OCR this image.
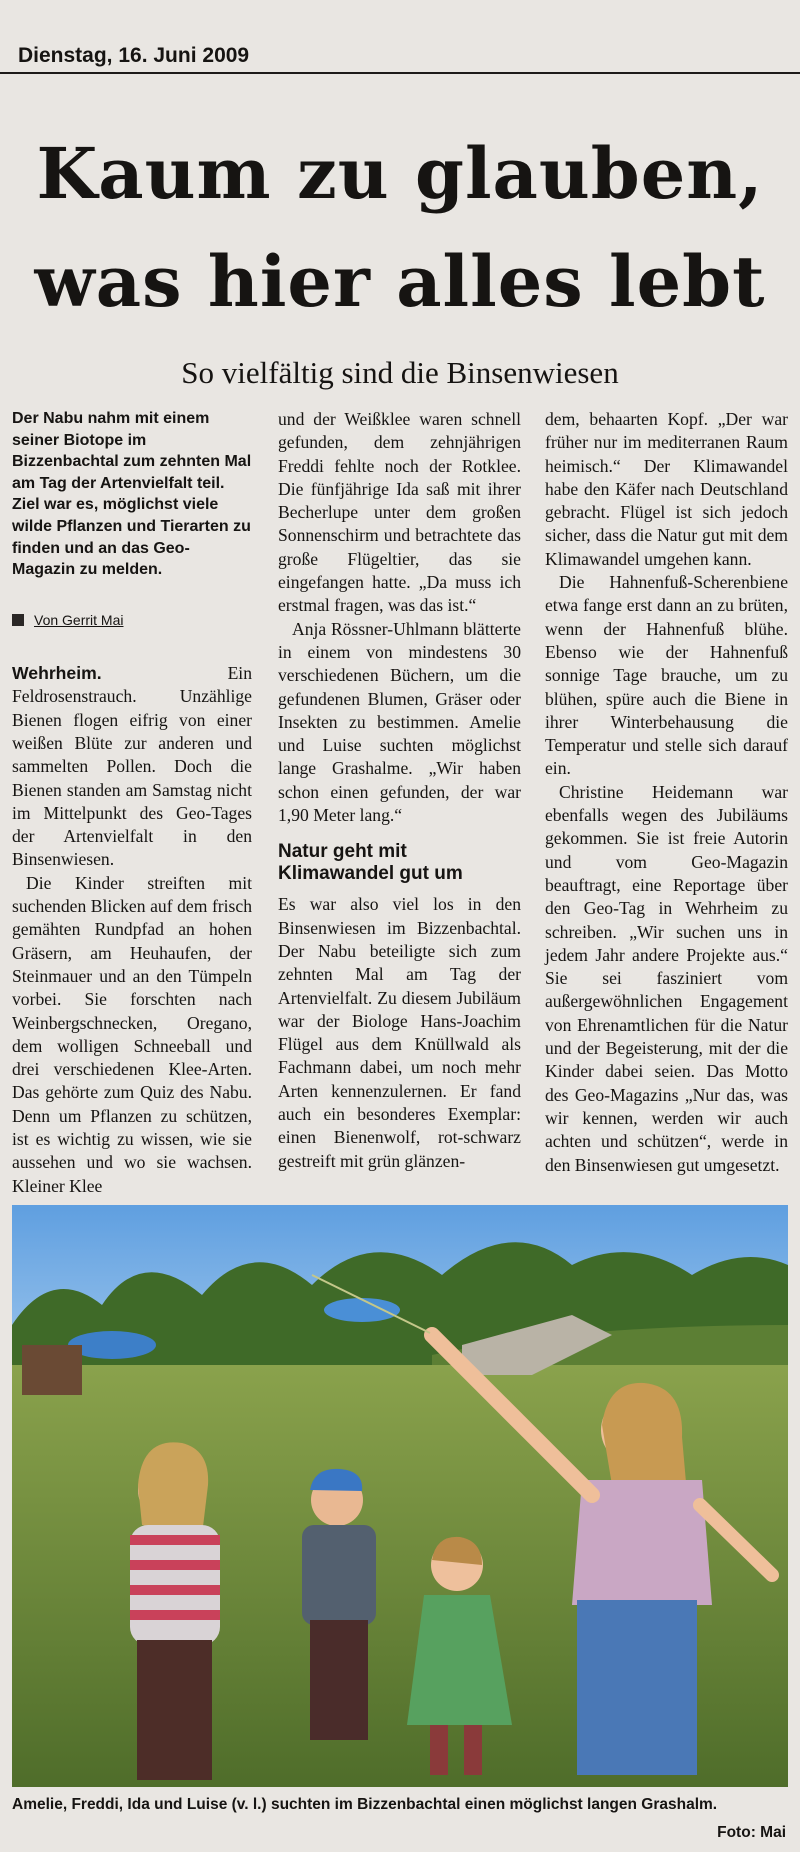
Dienstag, 16. Juni 2009
Kaum zu glauben,
was hier alles lebt
So vielfältig sind die Binsenwiesen
Der Nabu nahm mit einem seiner Biotope im Bizzenbachtal zum zehnten Mal am Tag der Artenvielfalt teil. Ziel war es, möglichst viele wilde Pflanzen und Tierarten zu finden und an das Geo-Magazin zu melden.
Von Gerrit Mai

Wehrheim.	Ein Feldrosenstrauch. Unzählige Bienen flogen eifrig von einer weißen Blüte zur anderen und sammelten Pollen. Doch die Bienen standen am Samstag nicht im Mittelpunkt des Geo-Tages der Artenvielfalt in den Binsenwiesen.

Die Kinder streiften mit suchenden Blicken auf dem frisch gemähten Rundpfad an hohen Gräsern, am Heuhaufen, der Steinmauer und an den Tümpeln vorbei. Sie forschten nach Weinbergschnecken, Oregano, dem wolligen Schneeball und drei verschiedenen Klee-Arten. Das gehörte zum Quiz des Nabu. Denn um Pflanzen zu schützen, ist es wichtig zu wissen, wie sie aussehen und wo sie wachsen. Kleiner Klee

und der Weißklee waren schnell gefunden, dem zehnjährigen Freddi fehlte noch der Rotklee. Die fünfjährige Ida saß mit ihrer Becherlupe unter dem großen Sonnenschirm und betrachtete das große Flügeltier, das sie eingefangen hatte. „Da muss ich erstmal fragen, was das ist.“

Anja Rössner-Uhlmann blätterte in einem von mindestens 30 verschiedenen Büchern, um die gefundenen Blumen, Gräser oder Insekten zu bestimmen. Amelie und Luise suchten möglichst lange Grashalme. „Wir haben schon einen gefunden, der war 1,90 Meter lang.“

Natur geht mit Klimawandel gut um

Es war also viel los in den Binsenwiesen im Bizzenbachtal. Der Nabu beteiligte sich zum zehnten Mal am Tag der Artenvielfalt. Zu diesem Jubiläum war der Biologe Hans-Joachim Flügel aus dem Knüllwald als Fachmann dabei, um noch mehr Arten kennenzulernen. Er fand auch ein besonderes Exemplar: einen Bienenwolf, rot-schwarz gestreift mit grün glänzen-

dem, behaarten Kopf. „Der war früher nur im mediterranen Raum heimisch.“ Der Klimawandel habe den Käfer nach Deutschland gebracht. Flügel ist sich jedoch sicher, dass die Natur gut mit dem Klimawandel umgehen kann.

Die Hahnenfuß-Scherenbiene etwa fange erst dann an zu brüten, wenn der Hahnenfuß blühe. Ebenso wie der Hahnenfuß sonnige Tage brauche, um zu blühen, spüre auch die Biene in ihrer Winterbehausung die Temperatur und stelle sich darauf ein.

Christine Heidemann war ebenfalls wegen des Jubiläums gekommen. Sie ist freie Autorin und vom Geo-Magazin beauftragt, eine Reportage über den Geo-Tag in Wehrheim zu schreiben. „Wir suchen uns in jedem Jahr andere Projekte aus.“ Sie sei fasziniert vom außergewöhnlichen Engagement von Ehrenamtlichen für die Natur und der Begeisterung, mit der die Kinder dabei seien. Das Motto des Geo-Magazins „Nur das, was wir kennen, werden wir auch achten und schützen“, werde in den Binsenwiesen gut umgesetzt.

Amelie, Freddi, Ida und Luise (v. l.) suchten im Bizzenbachtal einen möglichst langen Grashalm.
Foto: Mai
